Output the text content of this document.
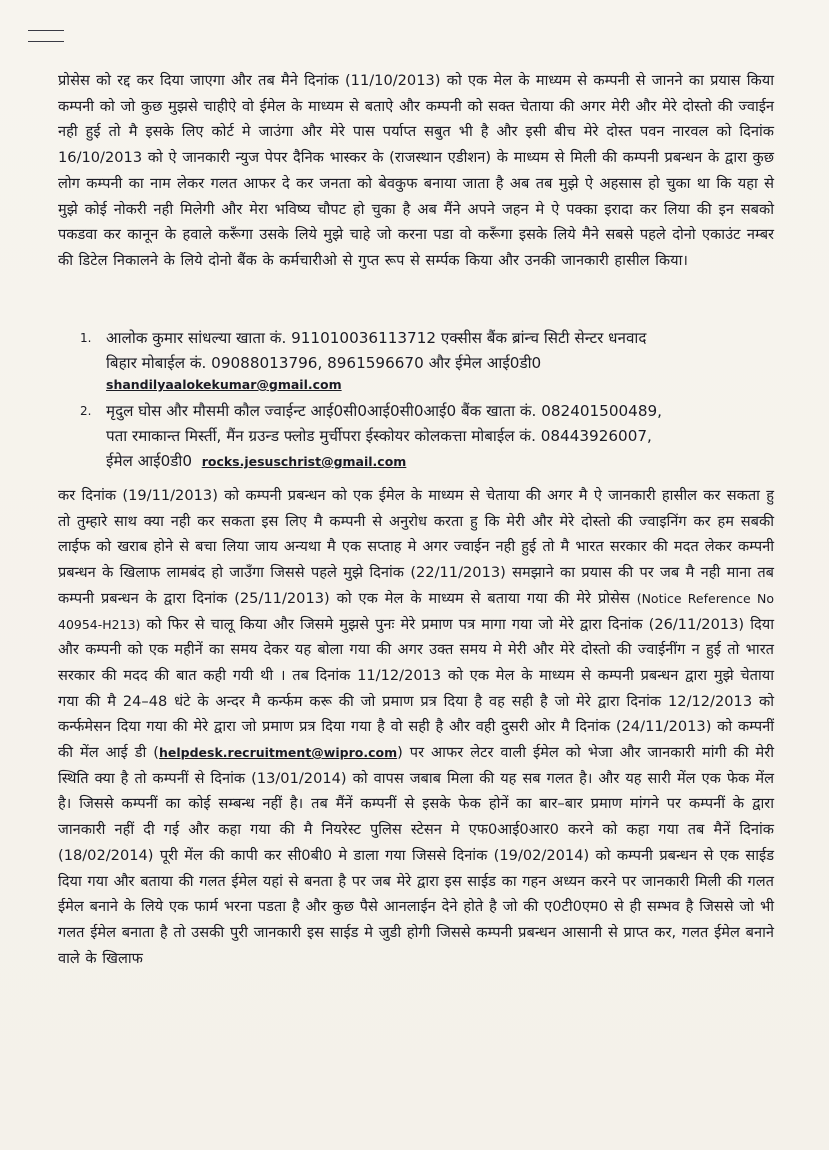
प्रोसेस को रद्द कर दिया जाएगा और तब मैने दिनांक (11/10/2013) को एक मेल के माध्यम से कम्पनी से जानने का प्रयास किया कम्पनी को जो कुछ मुझसे चाहीऐ वो ईमेल के माध्यम से बताऐ और कम्पनी को सक्त चेताया की अगर मेरी और मेरे दोस्तो की ज्वाईन नही हुई तो मै इसके लिए कोर्ट मे जाउंगा और मेरे पास पर्याप्त सबुत भी है और इसी बीच मेरे दोस्त पवन नारवल को दिनांक 16/10/2013 को ऐ जानकारी न्युज पेपर दैनिक भास्कर के (राजस्थान एडीशन) के माध्यम से मिली की कम्पनी प्रबन्धन के द्वारा कुछ लोग कम्पनी का नाम लेकर गलत आफर दे कर जनता को बेवकुफ बनाया जाता है अब तब मुझे ऐ अहसास हो चुका था कि यहा से मुझे कोई नोकरी नही मिलेगी और मेरा भविष्य चौपट हो चुका है अब मैंने अपने जहन मे ऐ पक्का इरादा कर लिया की इन सबको पकडवा कर कानून के हवाले करूँगा उसके लिये मुझे चाहे जो करना पडा वो करूँगा इसके लिये मैने सबसे पहले दोनो एकाउंट नम्बर की डिटेल निकालने के लिये दोनो बैंक के कर्मचारीओ से गुप्त रूप से सर्म्पक किया और उनकी जानकारी हासील किया।

1. आलोक कुमार सांधल्या खाता कं. 911010036113712 एक्सीस बैंक ब्रांन्च सिटी सेन्टर धनवाद
बिहार मोबाईल कं. 09088013796, 8961596670 और ईमेल आई0डी0
shandilyaalokekumar@gmail.com
2. मृदुल घोस और मौसमी कौल ज्वाईन्ट आई0सी0आई0सी0आई0 बैंक खाता कं. 082401500489,
पता रमाकान्त मिर्स्ती, मैंन ग्रउन्ड फ्लोड मुर्चीपरा ईस्कोयर कोलकत्ता मोबाईल कं. 08443926007,
ईमेल आई0डी0 rocks.jesuschrist@gmail.com

कर दिनांक (19/11/2013) को कम्पनी प्रबन्धन को एक ईमेल के माध्यम से चेताया की अगर मै ऐ जानकारी हासील कर सकता हु तो तुम्हारे साथ क्या नही कर सकता इस लिए मै कम्पनी से अनुरोध करता हु कि मेरी और मेरे दोस्तो की ज्वाइनिंग कर हम सबकी लाईफ को खराब होने से बचा लिया जाय अन्यथा मै एक सप्ताह मे अगर ज्वाईन नही हुई तो मै भारत सरकार की मदत लेकर कम्पनी प्रबन्धन के खिलाफ लामबंद हो जाउँगा जिससे पहले मुझे दिनांक (22/11/2013) समझाने का प्रयास की पर जब मै नही माना तब कम्पनी प्रबन्धन के द्वारा दिनांक (25/11/2013) को एक मेल के माध्यम से बताया गया की मेरे प्रोसेस (Notice Reference No 40954-H213) को फिर से चालू किया और जिसमे मुझसे पुनः मेरे प्रमाण पत्र मागा गया जो मेरे द्वारा दिनांक (26/11/2013) दिया और कम्पनी को एक महीनें का समय देकर यह बोला गया की अगर उक्त समय मे मेरी और मेरे दोस्तो की ज्वाईनींग न हुई तो भारत सरकार की मदद की बात कही गयी थी । तब दिनांक 11/12/2013 को एक मेल के माध्यम से कम्पनी प्रबन्धन द्वारा मुझे चेताया गया की मै 24–48 धंटे के अन्दर मै कर्न्फम करू की जो प्रमाण प्रत्र दिया है वह सही है जो मेरे द्वारा दिनांक 12/12/2013 को कर्न्फमेसन दिया गया की मेरे द्वारा जो प्रमाण प्रत्र दिया गया है वो सही है और वही दुसरी ओर मै दिनांक (24/11/2013) को कम्पनीं की मेंल आई डी (helpdesk.recruitment@wipro.com) पर आफर लेटर वाली ईमेल को भेजा और जानकारी मांगी की मेरी स्थिति क्या है तो कम्पनीं से दिनांक (13/01/2014) को वापस जबाब मिला की यह सब गलत है। और यह सारी मेंल एक फेक मेंल है। जिससे कम्पनीं का कोई सम्बन्ध नहीं है। तब मैंनें कम्पनीं से इसके फेक होनें का बार–बार प्रमाण मांगने पर कम्पनीं के द्वारा जानकारी नहीं दी गई और कहा गया की मै नियरेस्ट पुलिस स्टेसन मे एफ0आई0आर0 करने को कहा गया तब मैनें दिनांक (18/02/2014) पूरी मेंल की कापी कर सी0बी0 मे डाला गया जिससे दिनांक (19/02/2014) को कम्पनी प्रबन्धन से एक साईड दिया गया और बताया की गलत ईमेल यहां से बनता है पर जब मेरे द्वारा इस साईड का गहन अध्यन करने पर जानकारी मिली की गलत ईमेल बनाने के लिये एक फार्म भरना पडता है और कुछ पैसे आनलाईन देने होते है जो की ए0टी0एम0 से ही सम्भव है जिससे जो भी गलत ईमेल बनाता है तो उसकी पुरी जानकारी इस साईड मे जुडी होगी जिससे कम्पनी प्रबन्धन आसानी से प्राप्त कर, गलत ईमेल बनाने वाले के खिलाफ
